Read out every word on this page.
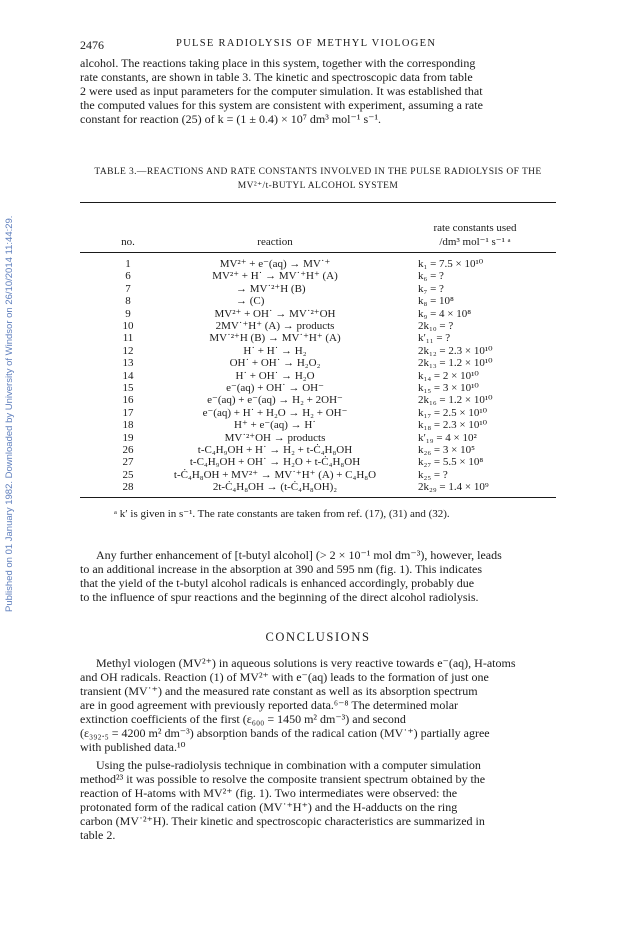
2476	PULSE RADIOLYSIS OF METHYL VIOLOGEN
Published on 01 January 1982. Downloaded by University of Windsor on 26/10/2014 11:44:29.
alcohol. The reactions taking place in this system, together with the corresponding
rate constants, are shown in table 3. The kinetic and spectroscopic data from table
2 were used as input parameters for the computer simulation. It was established that
the computed values for this system are consistent with experiment, assuming a rate
constant for reaction (25) of k = (1 ± 0.4) × 10⁷ dm³ mol⁻¹ s⁻¹.
TABLE 3.—REACTIONS AND RATE CONSTANTS INVOLVED IN THE PULSE RADIOLYSIS OF THE
MV²⁺/t-BUTYL ALCOHOL SYSTEM
no.	reaction
rate constants used
/dm³ mol⁻¹ s⁻¹ ᵃ
1	MV²⁺ + e⁻(aq) → MV˙⁺	k₁ = 7.5 × 10¹⁰
6	MV²⁺ + H˙ → MV˙⁺H⁺ (A)	k₆ = ?
7	→ MV˙²⁺H (B)	k₇ = ?
8	→ (C)	k₈ = 10⁸
9	MV²⁺ + OH˙ → MV˙²⁺OH	k₉ = 4 × 10⁸
10	2MV˙⁺H⁺ (A) → products	2k₁₀ = ?
11	MV˙²⁺H (B) → MV˙⁺H⁺ (A)	k′₁₁ = ?
12	H˙ + H˙ → H₂	2k₁₂ = 2.3 × 10¹⁰
13	OH˙ + OH˙ → H₂O₂	2k₁₃ = 1.2 × 10¹⁰
14	H˙ + OH˙ → H₂O	k₁₄ = 2 × 10¹⁰
15	e⁻(aq) + OH˙ → OH⁻	k₁₅ = 3 × 10¹⁰
16	e⁻(aq) + e⁻(aq) → H₂ + 2OH⁻	2k₁₆ = 1.2 × 10¹⁰
17	e⁻(aq) + H˙ + H₂O → H₂ + OH⁻	k₁₇ = 2.5 × 10¹⁰
18	H⁺ + e⁻(aq) → H˙	k₁₈ = 2.3 × 10¹⁰
19	MV˙²⁺OH → products	k′₁₉ = 4 × 10²
26	t-C₄H₉OH + H˙ → H₂ + t-Ċ₄H₈OH	k₂₆ = 3 × 10⁵
27	t-C₄H₉OH + OH˙ → H₂O + t-Ċ₄H₈OH	k₂₇ = 5.5 × 10⁸
25	t-Ċ₄H₈OH + MV²⁺ → MV˙⁺H⁺ (A) + C₄H₈O	k₂₅ = ?
28	2t-Ċ₄H₈OH → (t-Ċ₄H₈OH)₂	2k₂₉ = 1.4 × 10⁹
ᵃ k′ is given in s⁻¹. The rate constants are taken from ref. (17), (31) and (32).
Any further enhancement of [t-butyl alcohol] (> 2 × 10⁻¹ mol dm⁻³), however, leads
to an additional increase in the absorption at 390 and 595 nm (fig. 1). This indicates
that the yield of the t-butyl alcohol radicals is enhanced accordingly, probably due
to the influence of spur reactions and the beginning of the direct alcohol radiolysis.
CONCLUSIONS
Methyl viologen (MV²⁺) in aqueous solutions is very reactive towards e⁻(aq), H-atoms
and OH radicals. Reaction (1) of MV²⁺ with e⁻(aq) leads to the formation of just one
transient (MV˙⁺) and the measured rate constant as well as its absorption spectrum
are in good agreement with previously reported data.⁶⁻⁸ The determined molar
extinction coefficients of the first (ε₆₀₀ = 1450 m² dm⁻³) and second
(ε₃₉₂.₅ = 4200 m² dm⁻³) absorption bands of the radical cation (MV˙⁺) partially agree
with published data.¹⁰
Using the pulse-radiolysis technique in combination with a computer simulation
method²³ it was possible to resolve the composite transient spectrum obtained by the
reaction of H-atoms with MV²⁺ (fig. 1). Two intermediates were observed: the
protonated form of the radical cation (MV˙⁺H⁺) and the H-adducts on the ring
carbon (MV˙²⁺H). Their kinetic and spectroscopic characteristics are summarized in
table 2.
